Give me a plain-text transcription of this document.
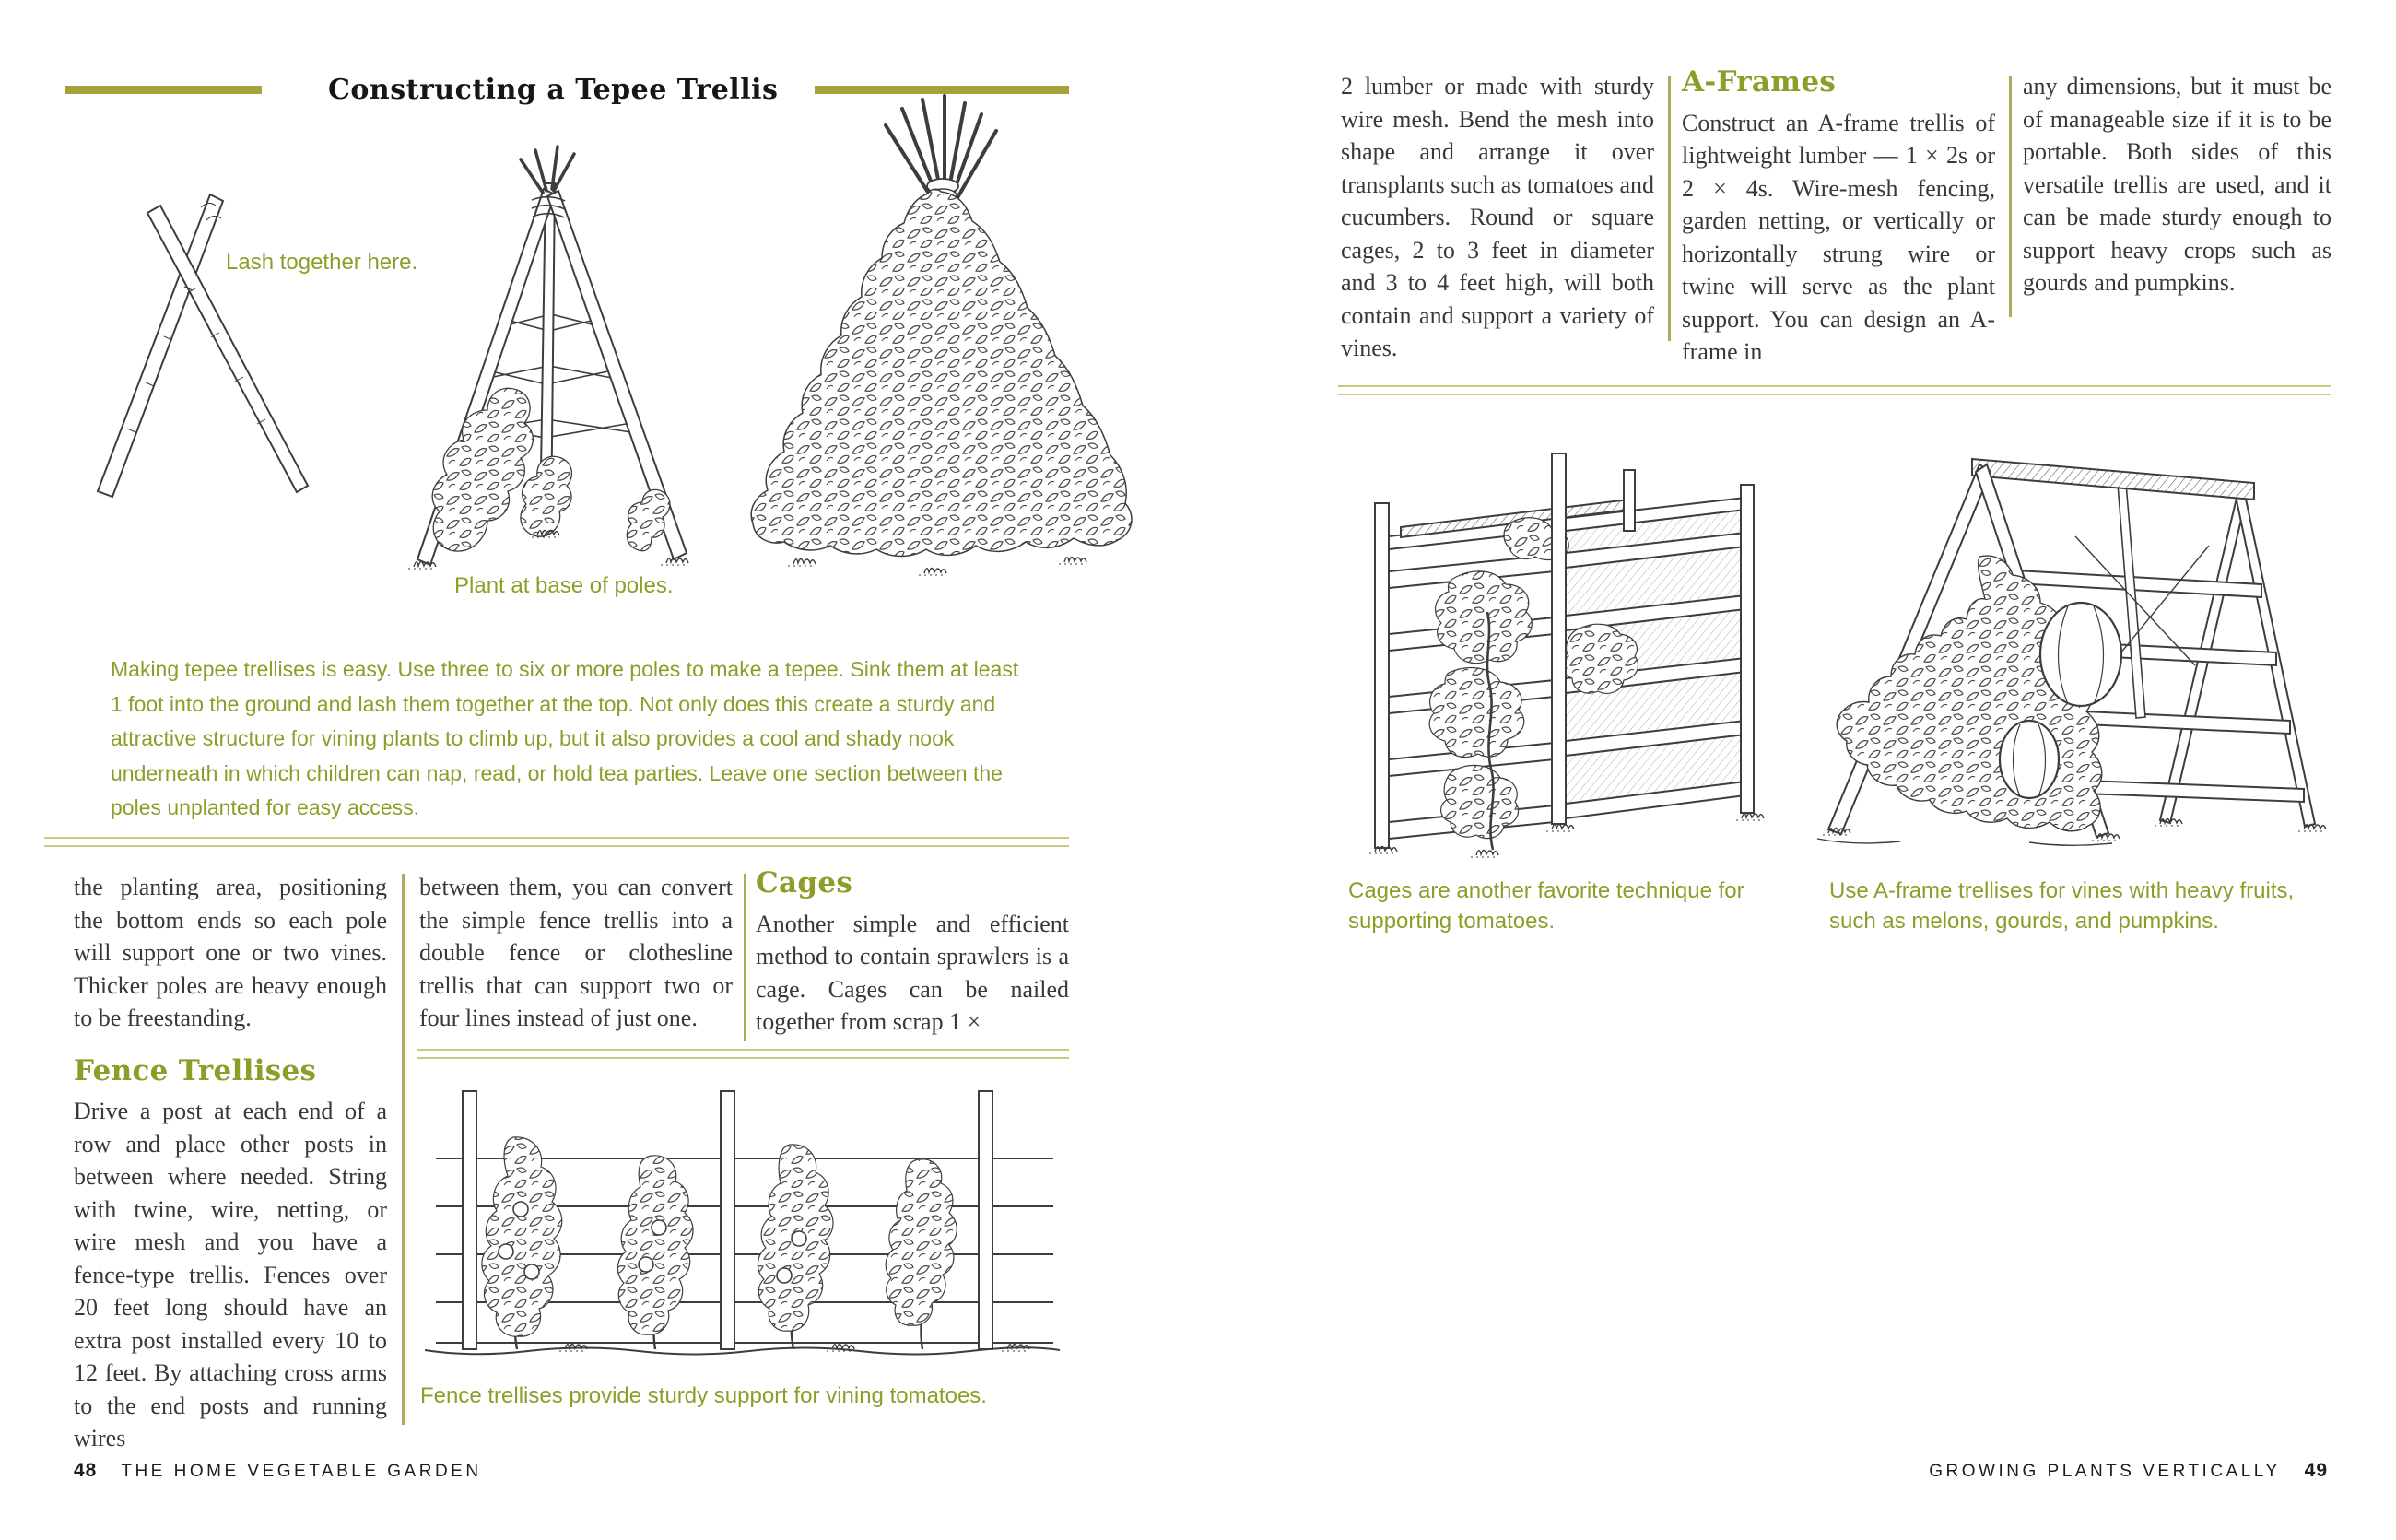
Constructing a Tepee Trellis
Lash together here.
Plant at base of poles.

Making tepee trellises is easy. Use three to six or more poles to make a tepee. Sink them at least 1 foot into the ground and lash them together at the top. Not only does this create a sturdy and attractive structure for vining plants to climb up, but it also provides a cool and shady nook underneath in which children can nap, read, or hold tea parties. Leave one section between the poles unplanted for easy access.

the planting area, positioning the bottom ends so each pole will support one or two vines. Thicker poles are heavy enough to be freestanding.

Fence Trellises

Drive a post at each end of a row and place other posts in between where needed. String with twine, wire, netting, or wire mesh and you have a fence-type trellis. Fences over 20 feet long should have an extra post installed every 10 to 12 feet. By attaching cross arms to the end posts and running wires

between them, you can convert the simple fence trellis into a double fence or clothesline trellis that can support two or four lines instead of just one.

Cages

Another simple and efficient method to contain sprawlers is a cage. Cages can be nailed together from scrap 1 ×

Fence trellises provide sturdy support for vining tomatoes.
48 THE HOME VEGETABLE GARDEN

2 lumber or made with sturdy wire mesh. Bend the mesh into shape and arrange it over transplants such as tomatoes and cucumbers. Round or square cages, 2 to 3 feet in diameter and 3 to 4 feet high, will both contain and support a variety of vines.

A-Frames

Construct an A-frame trellis of lightweight lumber — 1 × 2s or 2 × 4s. Wire-mesh fencing, garden netting, or vertically or horizontally strung wire or twine will serve as the plant support. You can design an A-frame in

any dimensions, but it must be of manageable size if it is to be portable. Both sides of this versatile trellis are used, and it can be made sturdy enough to support heavy crops such as gourds and pumpkins.

Cages are another favorite technique for supporting tomatoes.
Use A-frame trellises for vines with heavy fruits, such as melons, gourds, and pumpkins.
GROWING PLANTS VERTICALLY 49
